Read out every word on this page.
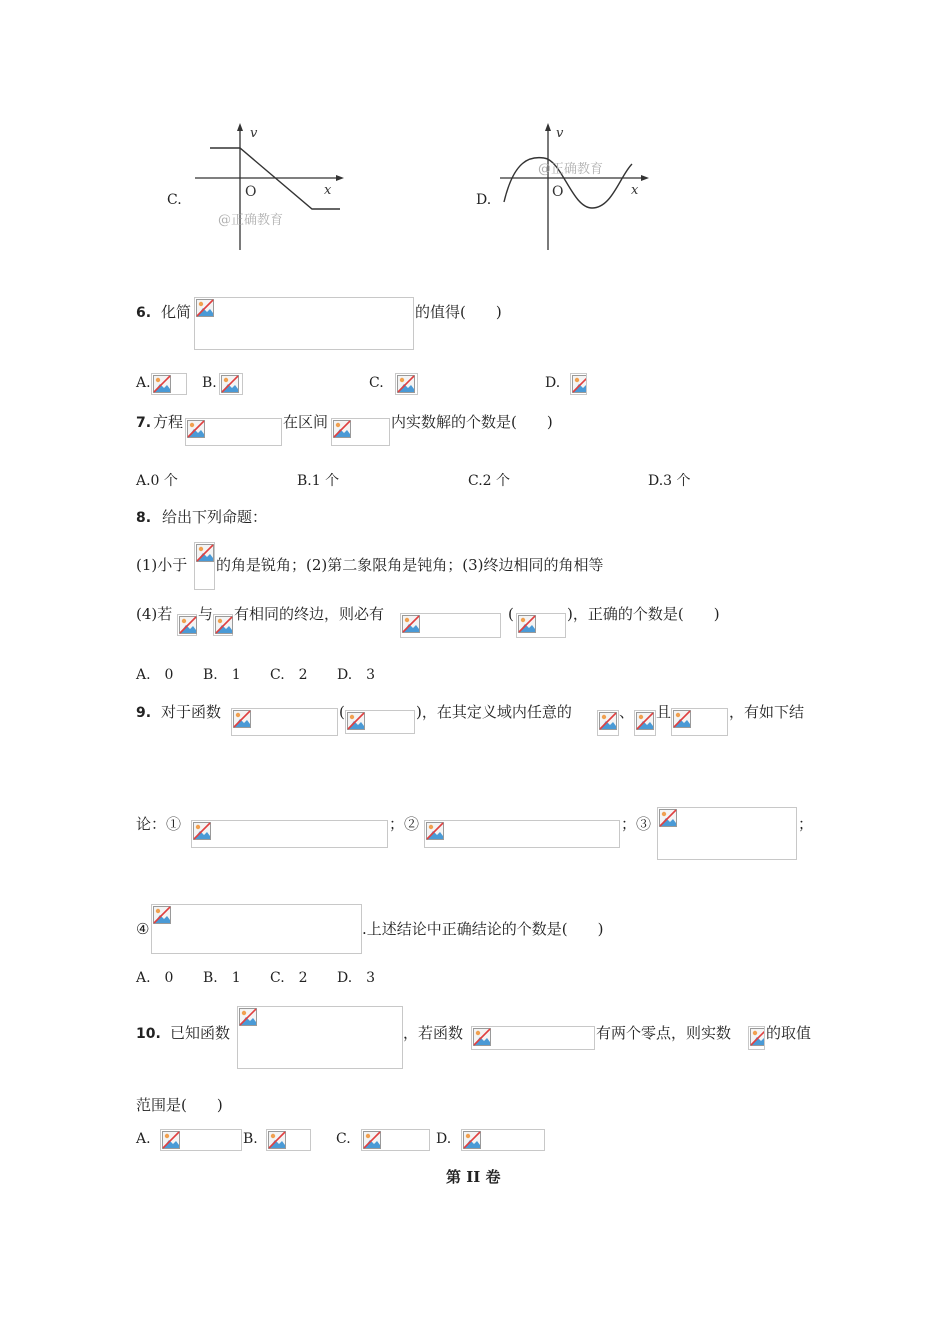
C.
v
x
O
@正确教育
D.
v
x
O
@正确教育
6. 化简	的值得(　　)
A.	B.	C.	D.
7. 方程	在区间	内实数解的个数是(　　)
A.0 个	B.1 个	C.2 个	D.3 个
8. 给出下列命题：
(1)小于 的角是锐角；(2)第二象限角是钝角；(3)终边相同的角相等
(4)若 与 有相同的终边，则必有	(	)，正确的个数是(　　)
A.　0 B.　1 C.　2 D.　3
9. 对于函数	(	)，在其定义域内任意的	、 且	，有如下结
论：①	；②	；③	；
④	.上述结论中正确结论的个数是(　　)
A.　0 B.　1 C.　2 D.　3
10. 已知函数	，若函数	有两个零点，则实数 的取值
范围是(　　)
A.	B.	C.	D.
第 II 卷
